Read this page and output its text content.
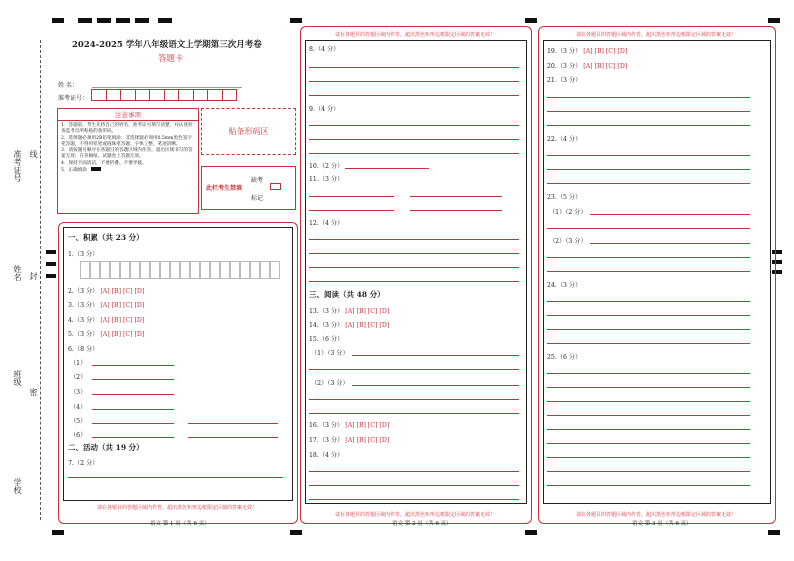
准考证号 线
姓名 封
班级
密
学校
2024-2025 学年八年级语文上学期第三次月考卷
答题卡
姓 名：
准考证号：
注意事项
1．答题前，考生先将自己的姓名，准考证号填写清楚，并认真检查监考员所粘贴的条形码。
2．选择题必须用2B铅笔填涂；非选择题必须用0.5mm黑色签字笔答题，不得用铅笔或圆珠笔答题；字体工整、笔迹清晰。
3．请按题号顺序在各题目的答题区域内作答，超出区域书写的答案无效；在草稿纸、试题卷上答题无效。
4．保持卡面清洁，不要折叠、不要弄破。
5．正确填涂
贴条形码区
此栏考生禁填
缺考
标记
请在各题目的答题区域内作答，超出黑色矩形边框限定区域的答案无效！
语文 第 1 页（共 6 页）
一、积累（共 23 分）
1.（3 分）
2.（3 分） [A] [B] [C] [D]
3.（3 分） [A] [B] [C] [D]
4.（3 分） [A] [B] [C] [D]
5.（3 分） [A] [B] [C] [D]
6.（8 分）
（1）
（2）
（3）
（4）
（5）
（6）
二、活动（共 19 分）
7.（2 分）
请在各题目的答题区域内作答，超出黑色矩形边框限定区域的答案无效！
请在各题目的答题区域内作答，超出黑色矩形边框限定区域的答案无效！
语文 第 2 页（共 6 页）
8.（4 分）
9.（4 分）
10.（2 分）
11.（3 分）
12.（4 分）
三、阅读（共 48 分）
13.（3 分） [A] [B] [C] [D]
14.（3 分） [A] [B] [C] [D]
15.（6 分）
（1）（3 分）
（2）（3 分）
16.（3 分） [A] [B] [C] [D]
17.（3 分） [A] [B] [C] [D]
18.（4 分）
请在各题目的答题区域内作答，超出黑色矩形边框限定区域的答案无效！
请在各题目的答题区域内作答，超出黑色矩形边框限定区域的答案无效！
语文 第 3 页（共 6 页）
19.（3 分） [A] [B] [C] [D]
20.（3 分） [A] [B] [C] [D]
21.（3 分）
22.（4 分）
23.（5 分）
（1）（2 分）
（2）（3 分）
24.（3 分）
25.（6 分）
